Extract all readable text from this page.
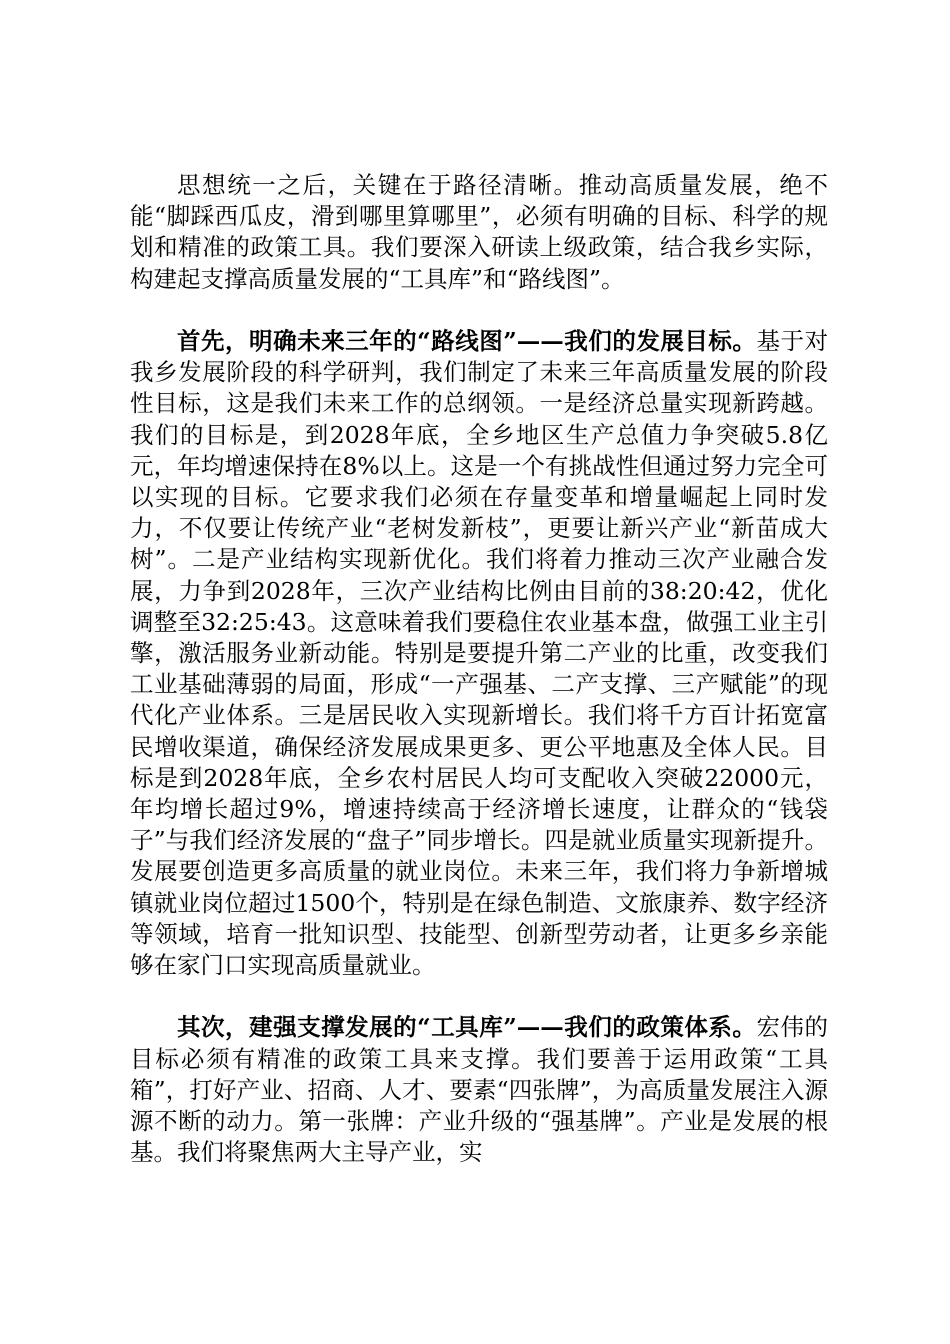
思想统一之后，关键在于路径清晰。推动高质量发展，绝不能“脚踩西瓜皮，滑到哪里算哪里”，必须有明确的目标、科学的规划和精准的政策工具。我们要深入研读上级政策，结合我乡实际，构建起支撑高质量发展的“工具库”和“路线图”。

首先，明确未来三年的“路线图”——我们的发展目标。基于对我乡发展阶段的科学研判，我们制定了未来三年高质量发展的阶段性目标，这是我们未来工作的总纲领。一是经济总量实现新跨越。我们的目标是，到2028年底，全乡地区生产总值力争突破5.8亿元，年均增速保持在8%以上。这是一个有挑战性但通过努力完全可以实现的目标。它要求我们必须在存量变革和增量崛起上同时发力，不仅要让传统产业“老树发新枝”，更要让新兴产业“新苗成大树”。二是产业结构实现新优化。我们将着力推动三次产业融合发展，力争到2028年，三次产业结构比例由目前的38:20:42，优化调整至32:25:43。这意味着我们要稳住农业基本盘，做强工业主引擎，激活服务业新动能。特别是要提升第二产业的比重，改变我们工业基础薄弱的局面，形成“一产强基、二产支撑、三产赋能”的现代化产业体系。三是居民收入实现新增长。我们将千方百计拓宽富民增收渠道，确保经济发展成果更多、更公平地惠及全体人民。目标是到2028年底，全乡农村居民人均可支配收入突破22000元，年均增长超过9%，增速持续高于经济增长速度，让群众的“钱袋子”与我们经济发展的“盘子”同步增长。四是就业质量实现新提升。发展要创造更多高质量的就业岗位。未来三年，我们将力争新增城镇就业岗位超过1500个，特别是在绿色制造、文旅康养、数字经济等领域，培育一批知识型、技能型、创新型劳动者，让更多乡亲能够在家门口实现高质量就业。

其次，建强支撑发展的“工具库”——我们的政策体系。宏伟的目标必须有精准的政策工具来支撑。我们要善于运用政策“工具箱”，打好产业、招商、人才、要素“四张牌”，为高质量发展注入源源不断的动力。第一张牌：产业升级的“强基牌”。产业是发展的根基。我们将聚焦两大主导产业，实
